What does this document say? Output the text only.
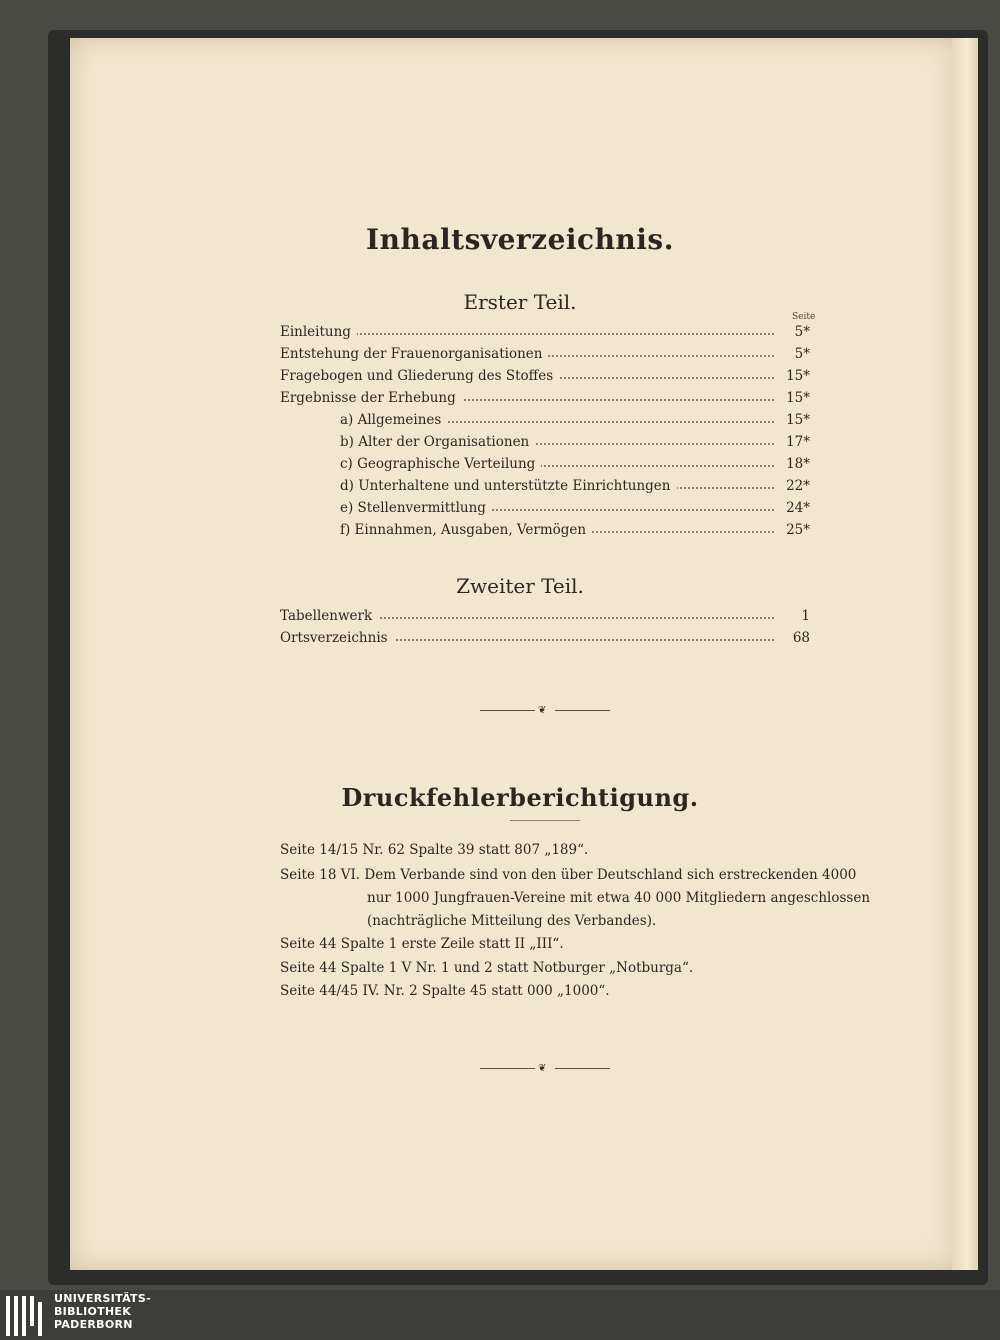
Inhaltsverzeichnis.
Erster Teil.
Seite
Einleitung	5*
Entstehung der Frauenorganisationen	5*
Fragebogen und Gliederung des Stoffes	15*
Ergebnisse der Erhebung	15*
a) Allgemeines	15*
b) Alter der Organisationen	17*
c) Geographische Verteilung	18*
d) Unterhaltene und unterstützte Einrichtungen	22*
e) Stellenvermittlung	24*
f) Einnahmen, Ausgaben, Vermögen	25*
Zweiter Teil.
Tabellenwerk	1
Ortsverzeichnis	68
❦
Druckfehlerberichtigung.
Seite 14/15 Nr. 62 Spalte 39 statt 807 „189“.
Seite 18 VI. Dem Verbande sind von den über Deutschland sich erstreckenden 4000
nur 1000 Jungfrauen-Vereine mit etwa 40 000 Mitgliedern angeschlossen
(nachträgliche Mitteilung des Verbandes).
Seite 44 Spalte 1 erste Zeile statt II „III“.
Seite 44 Spalte 1 V Nr. 1 und 2 statt Notburger „Notburga“.
Seite 44/45 IV. Nr. 2 Spalte 45 statt 000 „1000“.
❦
UNIVERSITÄTS-
BIBLIOTHEK
PADERBORN
